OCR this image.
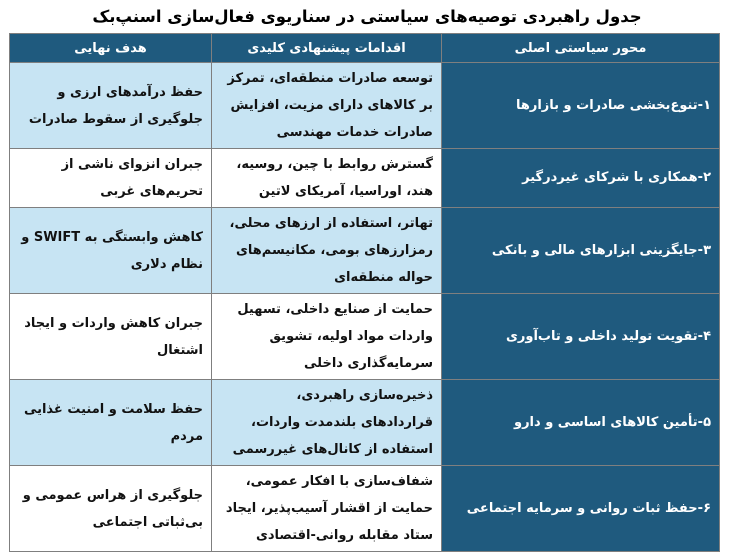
جدول راهبردی توصیه‌های سیاستی در سناریوی فعال‌سازی اسنپ‌بک
محور سیاستی اصلی	اقدامات پیشنهادی کلیدی	هدف نهایی
۱-تنوع‌بخشی صادرات و بازارها	توسعه صادرات منطقه‌ای، تمرکز بر کالاهای دارای مزیت، افزایش صادرات خدمات مهندسی	حفظ درآمدهای ارزی و جلوگیری از سقوط صادرات
۲-همکاری با شرکای غیردرگیر	گسترش روابط با چین، روسیه، هند، اوراسیا، آمریکای لاتین	جبران انزوای ناشی از تحریم‌های غربی
۳-جایگزینی ابزارهای مالی و بانکی	تهاتر، استفاده از ارزهای محلی، رمزارزهای بومی، مکانیسم‌های حواله منطقه‌ای	کاهش وابستگی به SWIFT و نظام دلاری
۴-تقویت تولید داخلی و تاب‌آوری	حمایت از صنایع داخلی، تسهیل واردات مواد اولیه، تشویق سرمایه‌گذاری داخلی	جبران کاهش واردات و ایجاد اشتغال
۵-تأمین کالاهای اساسی و دارو	ذخیره‌سازی راهبردی، قراردادهای بلندمدت واردات، استفاده از کانال‌های غیررسمی	حفظ سلامت و امنیت غذایی مردم
۶-حفظ ثبات روانی و سرمایه اجتماعی	شفاف‌سازی با افکار عمومی، حمایت از اقشار آسیب‌پذیر، ایجاد ستاد مقابله روانی-اقتصادی	جلوگیری از هراس عمومی و بی‌ثباتی اجتماعی
